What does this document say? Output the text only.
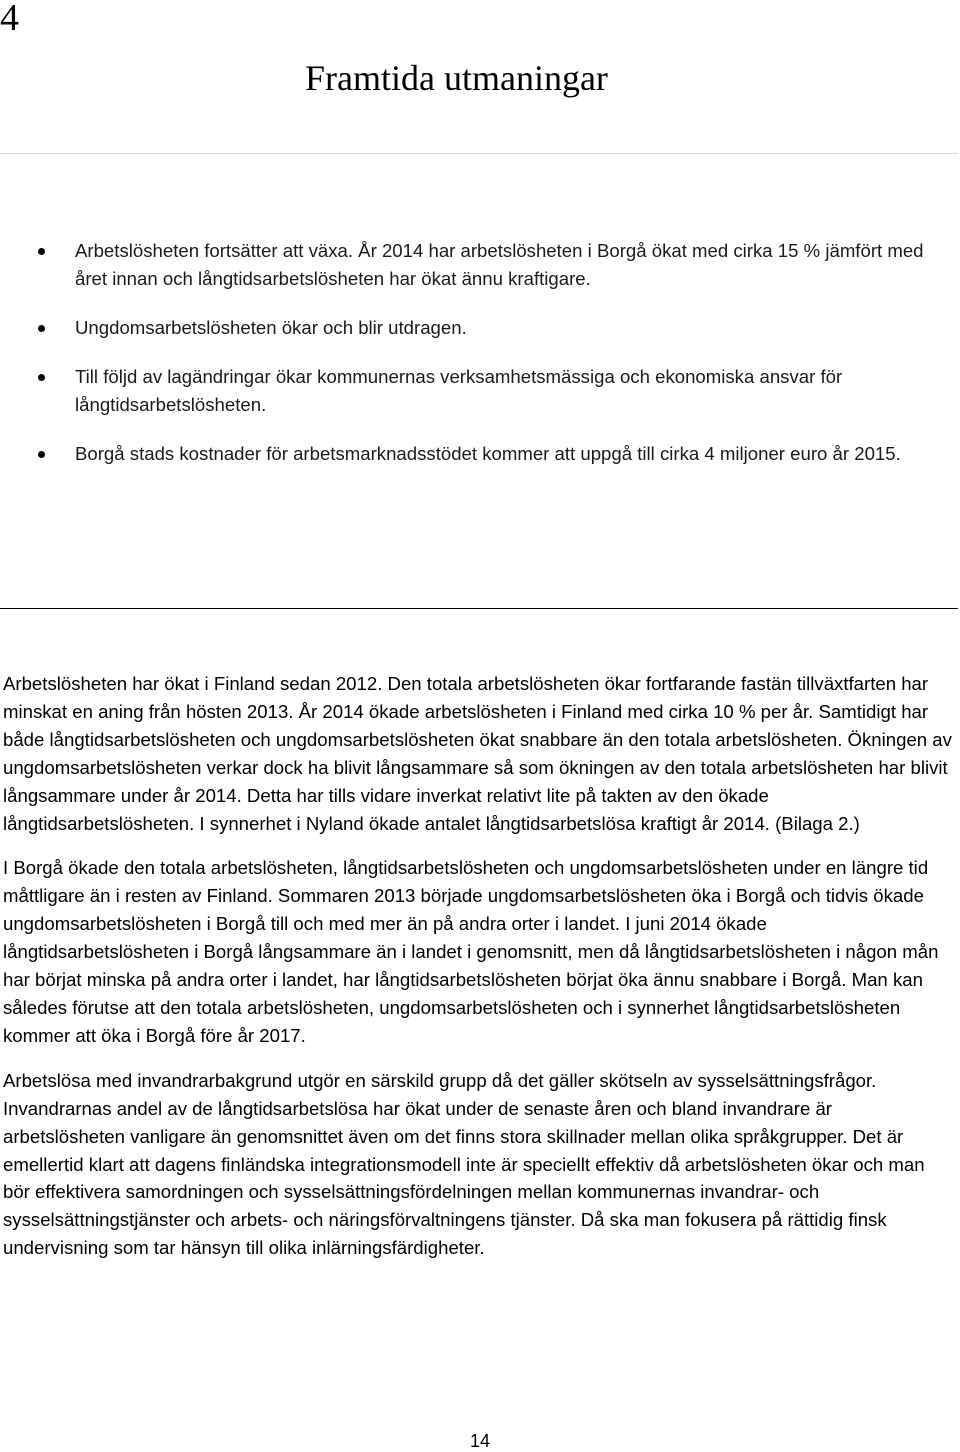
4
Framtida utmaningar
Arbetslösheten fortsätter att växa. År 2014 har arbetslösheten i Borgå ökat med cirka 15 % jämfört med året innan och långtidsarbetslösheten har ökat ännu kraftigare.
Ungdomsarbetslösheten ökar och blir utdragen.
Till följd av lagändringar ökar kommunernas verksamhetsmässiga och ekonomiska ansvar för långtidsarbetslösheten.
Borgå stads kostnader för arbetsmarknadsstödet kommer att uppgå till cirka 4 miljoner euro år 2015.

Arbetslösheten har ökat i Finland sedan 2012. Den totala arbetslösheten ökar fortfarande fastän tillväxtfarten har minskat en aning från hösten 2013. År 2014 ökade arbetslösheten i Finland med cirka 10 % per år. Samtidigt har både långtidsarbetslösheten och ungdomsarbetslösheten ökat snabbare än den totala arbetslösheten. Ökningen av ungdomsarbetslösheten verkar dock ha blivit långsammare så som ökningen av den totala arbetslösheten har blivit långsammare under år 2014. Detta har tills vidare inverkat relativt lite på takten av den ökade långtidsarbetslösheten. I synnerhet i Nyland ökade antalet långtidsarbetslösa kraftigt år 2014. (Bilaga 2.)

I Borgå ökade den totala arbetslösheten, långtidsarbetslösheten och ungdomsarbetslösheten under en längre tid måttligare än i resten av Finland. Sommaren 2013 började ungdomsarbetslösheten öka i Borgå och tidvis ökade ungdomsarbetslösheten i Borgå till och med mer än på andra orter i landet. I juni 2014 ökade långtidsarbetslösheten i Borgå långsammare än i landet i genomsnitt, men då långtidsarbetslösheten i någon mån har börjat minska på andra orter i landet, har långtidsarbetslösheten börjat öka ännu snabbare i Borgå. Man kan således förutse att den totala arbetslösheten, ungdomsarbetslösheten och i synnerhet långtidsarbetslösheten kommer att öka i Borgå före år 2017.

Arbetslösa med invandrarbakgrund utgör en särskild grupp då det gäller skötseln av sysselsättningsfrågor. Invandrarnas andel av de långtidsarbetslösa har ökat under de senaste åren och bland invandrare är arbetslösheten vanligare än genomsnittet även om det finns stora skillnader mellan olika språkgrupper. Det är emellertid klart att dagens finländska integrationsmodell inte är speciellt effektiv då arbetslösheten ökar och man bör effektivera samordningen och sysselsättningsfördelningen mellan kommunernas invandrar- och sysselsättningstjänster och arbets- och näringsförvaltningens tjänster. Då ska man fokusera på rättidig finsk undervisning som tar hänsyn till olika inlärningsfärdigheter.

14
